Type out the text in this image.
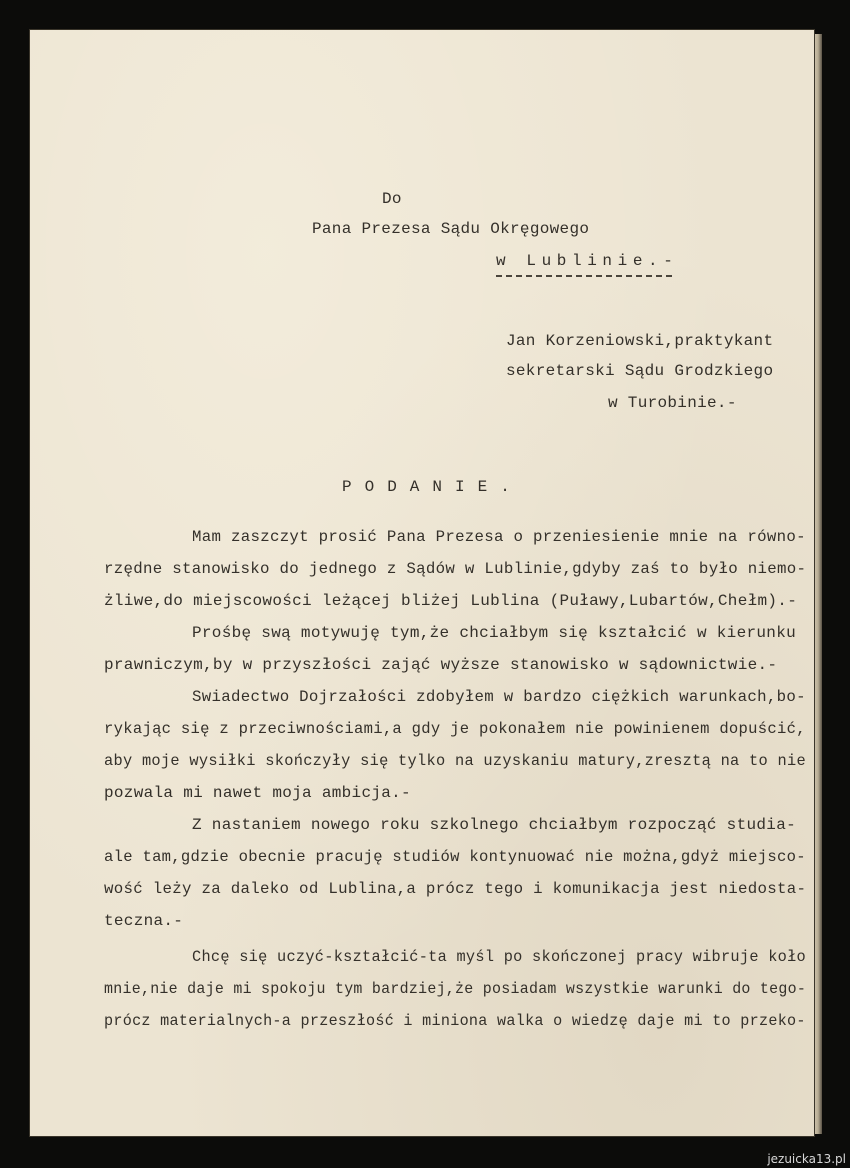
Do
Pana Prezesa Sądu Okręgowego
w Lublinie.-
Jan Korzeniowski,praktykant
sekretarski Sądu Grodzkiego
w Turobinie.-
PODANIE.
Mam zaszczyt prosić Pana Prezesa o przeniesienie mnie na równo-
rzędne stanowisko do jednego z Sądów w Lublinie,gdyby zaś to było niemo-
żliwe,do miejscowości leżącej bliżej Lublina (Puławy,Lubartów,Chełm).-
Prośbę swą motywuję tym,że chciałbym się kształcić w kierunku
prawniczym,by w przyszłości zająć wyższe stanowisko w sądownictwie.-
Swiadectwo Dojrzałości zdobyłem w bardzo ciężkich warunkach,bo-
rykając się z przeciwnościami,a gdy je pokonałem nie powinienem dopuścić,
aby moje wysiłki skończyły się tylko na uzyskaniu matury,zresztą na to nie
pozwala mi nawet moja ambicja.-
Z nastaniem nowego roku szkolnego chciałbym rozpocząć studia-
ale tam,gdzie obecnie pracuję studiów kontynuować nie można,gdyż miejsco-
wość leży za daleko od Lublina,a prócz tego i komunikacja jest niedosta-
teczna.-
Chcę się uczyć-kształcić-ta myśl po skończonej pracy wibruje koło
mnie,nie daje mi spokoju tym bardziej,że posiadam wszystkie warunki do tego-
prócz materialnych-a przeszłość i miniona walka o wiedzę daje mi to przeko-
jezuicka13.pl
